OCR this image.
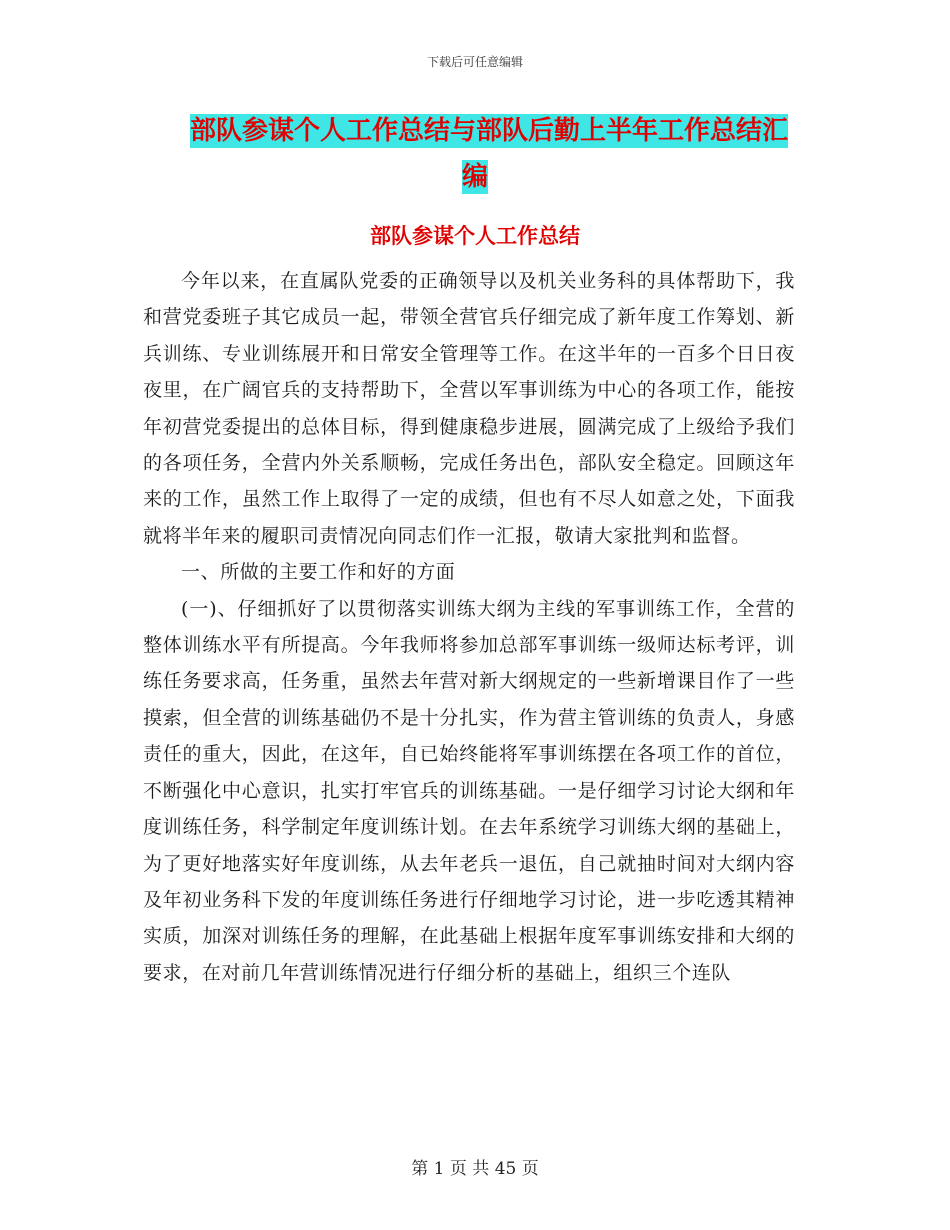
下载后可任意编辑
部队参谋个人工作总结与部队后勤上半年工作总结汇
编
部队参谋个人工作总结

今年以来，在直属队党委的正确领导以及机关业务科的具体帮助下，我和营党委班子其它成员一起，带领全营官兵仔细完成了新年度工作筹划、新兵训练、专业训练展开和日常安全管理等工作。在这半年的一百多个日日夜夜里，在广阔官兵的支持帮助下，全营以军事训练为中心的各项工作，能按年初营党委提出的总体目标，得到健康稳步进展，圆满完成了上级给予我们的各项任务，全营内外关系顺畅，完成任务出色，部队安全稳定。回顾这年来的工作，虽然工作上取得了一定的成绩，但也有不尽人如意之处，下面我就将半年来的履职司责情况向同志们作一汇报，敬请大家批判和监督。

一、所做的主要工作和好的方面

(一)、仔细抓好了以贯彻落实训练大纲为主线的军事训练工作，全营的整体训练水平有所提高。今年我师将参加总部军事训练一级师达标考评，训练任务要求高，任务重，虽然去年营对新大纲规定的一些新增课目作了一些摸索，但全营的训练基础仍不是十分扎实，作为营主管训练的负责人，身感责任的重大，因此，在这年，自已始终能将军事训练摆在各项工作的首位，不断强化中心意识，扎实打牢官兵的训练基础。一是仔细学习讨论大纲和年度训练任务，科学制定年度训练计划。在去年系统学习训练大纲的基础上，为了更好地落实好年度训练，从去年老兵一退伍，自己就抽时间对大纲内容及年初业务科下发的年度训练任务进行仔细地学习讨论，进一步吃透其精神实质，加深对训练任务的理解，在此基础上根据年度军事训练安排和大纲的要求，在对前几年营训练情况进行仔细分析的基础上，组织三个连队

第 1 页 共 45 页
